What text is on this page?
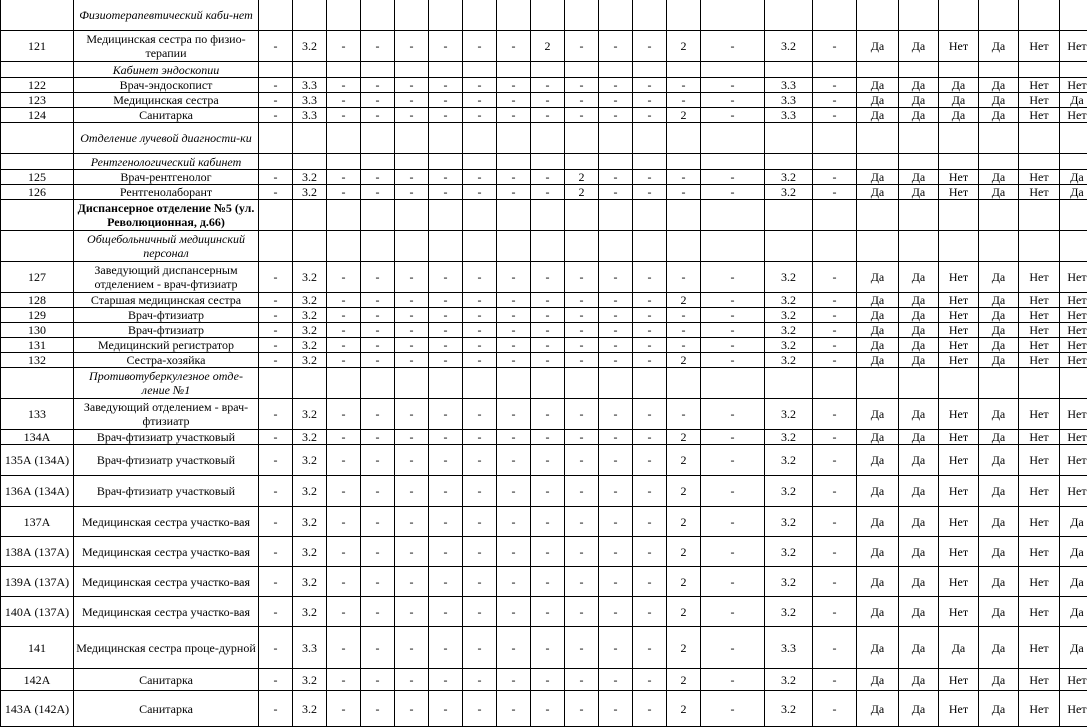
	Физиотерапевтический каби-нет																						
121	Медицинская сестра по физио-терапии	-	3.2	-	-	-	-	-	-	2	-	-	-	2	-	3.2	-	Да	Да	Нет	Да	Нет	Нет
	Кабинет эндоскопии																						
122	Врач-эндоскопист	-	3.3	-	-	-	-	-	-	-	-	-	-	-	-	3.3	-	Да	Да	Да	Да	Нет	Нет
123	Медицинская сестра	-	3.3	-	-	-	-	-	-	-	-	-	-	-	-	3.3	-	Да	Да	Да	Да	Нет	Да
124	Санитарка	-	3.3	-	-	-	-	-	-	-	-	-	-	2	-	3.3	-	Да	Да	Да	Да	Нет	Нет
	Отделение лучевой диагности-ки																						
	Рентгенологический кабинет																						
125	Врач-рентгенолог	-	3.2	-	-	-	-	-	-	-	2	-	-	-	-	3.2	-	Да	Да	Нет	Да	Нет	Да
126	Рентгенолаборант	-	3.2	-	-	-	-	-	-	-	2	-	-	-	-	3.2	-	Да	Да	Нет	Да	Нет	Да
	Диспансерное отделение №5 (ул. Революционная, д.66)																						
	Общебольничный медицинский персонал																						
127	Заведующий диспансерным отделением - врач-фтизиатр	-	3.2	-	-	-	-	-	-	-	-	-	-	-	-	3.2	-	Да	Да	Нет	Да	Нет	Нет
128	Старшая медицинская сестра	-	3.2	-	-	-	-	-	-	-	-	-	-	2	-	3.2	-	Да	Да	Нет	Да	Нет	Нет
129	Врач-фтизиатр	-	3.2	-	-	-	-	-	-	-	-	-	-	-	-	3.2	-	Да	Да	Нет	Да	Нет	Нет
130	Врач-фтизиатр	-	3.2	-	-	-	-	-	-	-	-	-	-	-	-	3.2	-	Да	Да	Нет	Да	Нет	Нет
131	Медицинский регистратор	-	3.2	-	-	-	-	-	-	-	-	-	-	-	-	3.2	-	Да	Да	Нет	Да	Нет	Нет
132	Сестра-хозяйка	-	3.2	-	-	-	-	-	-	-	-	-	-	2	-	3.2	-	Да	Да	Нет	Да	Нет	Нет
	Противотуберкулезное отде-ление №1																						
133	Заведующий отделением - врач-фтизиатр	-	3.2	-	-	-	-	-	-	-	-	-	-	-	-	3.2	-	Да	Да	Нет	Да	Нет	Нет
134А	Врач-фтизиатр участковый	-	3.2	-	-	-	-	-	-	-	-	-	-	2	-	3.2	-	Да	Да	Нет	Да	Нет	Нет
135А (134А)	Врач-фтизиатр участковый	-	3.2	-	-	-	-	-	-	-	-	-	-	2	-	3.2	-	Да	Да	Нет	Да	Нет	Нет
136А (134А)	Врач-фтизиатр участковый	-	3.2	-	-	-	-	-	-	-	-	-	-	2	-	3.2	-	Да	Да	Нет	Да	Нет	Нет
137А	Медицинская сестра участко-вая	-	3.2	-	-	-	-	-	-	-	-	-	-	2	-	3.2	-	Да	Да	Нет	Да	Нет	Да
138А (137А)	Медицинская сестра участко-вая	-	3.2	-	-	-	-	-	-	-	-	-	-	2	-	3.2	-	Да	Да	Нет	Да	Нет	Да
139А (137А)	Медицинская сестра участко-вая	-	3.2	-	-	-	-	-	-	-	-	-	-	2	-	3.2	-	Да	Да	Нет	Да	Нет	Да
140А (137А)	Медицинская сестра участко-вая	-	3.2	-	-	-	-	-	-	-	-	-	-	2	-	3.2	-	Да	Да	Нет	Да	Нет	Да
141	Медицинская сестра проце-дурной	-	3.3	-	-	-	-	-	-	-	-	-	-	2	-	3.3	-	Да	Да	Да	Да	Нет	Да
142А	Санитарка	-	3.2	-	-	-	-	-	-	-	-	-	-	2	-	3.2	-	Да	Да	Нет	Да	Нет	Нет
143А (142А)	Санитарка	-	3.2	-	-	-	-	-	-	-	-	-	-	2	-	3.2	-	Да	Да	Нет	Да	Нет	Нет
